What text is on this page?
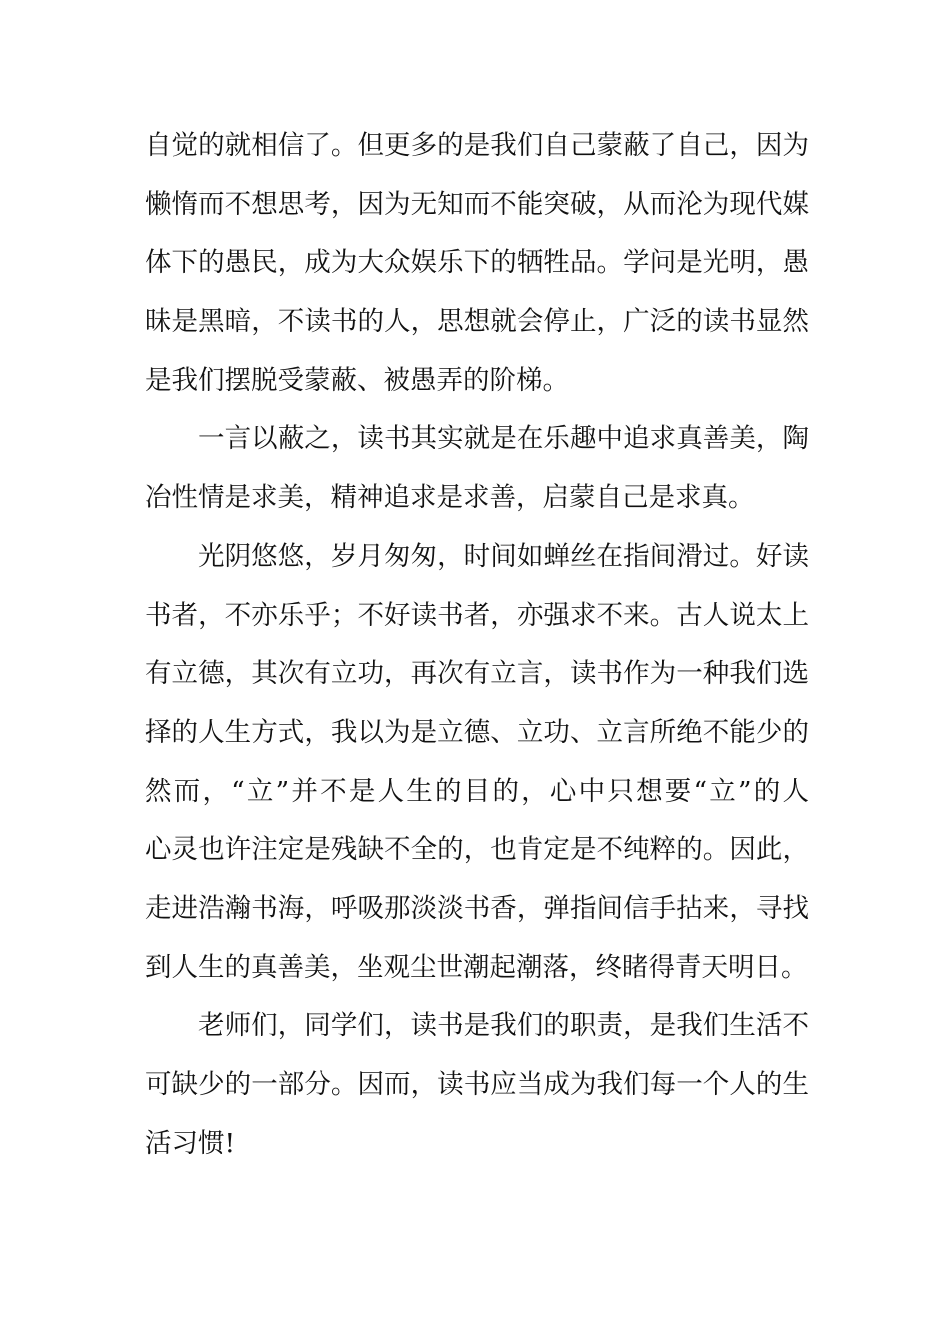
自觉的就相信了。但更多的是我们自己蒙蔽了自己，因为
懒惰而不想思考，因为无知而不能突破，从而沦为现代媒
体下的愚民，成为大众娱乐下的牺牲品。学问是光明，愚
昧是黑暗，不读书的人，思想就会停止，广泛的读书显然
是我们摆脱受蒙蔽、被愚弄的阶梯。
一言以蔽之，读书其实就是在乐趣中追求真善美，陶
冶性情是求美，精神追求是求善，启蒙自己是求真。
光阴悠悠，岁月匆匆，时间如蝉丝在指间滑过。好读
书者，不亦乐乎；不好读书者，亦强求不来。古人说太上
有立德，其次有立功，再次有立言，读书作为一种我们选
择的人生方式，我以为是立德、立功、立言所绝不能少的
然而，“立”并不是人生的目的，心中只想要“立”的人
心灵也许注定是残缺不全的，也肯定是不纯粹的。因此，
走进浩瀚书海，呼吸那淡淡书香，弹指间信手拈来，寻找
到人生的真善美，坐观尘世潮起潮落，终睹得青天明日。
老师们，同学们，读书是我们的职责，是我们生活不
可缺少的一部分。因而，读书应当成为我们每一个人的生
活习惯!
